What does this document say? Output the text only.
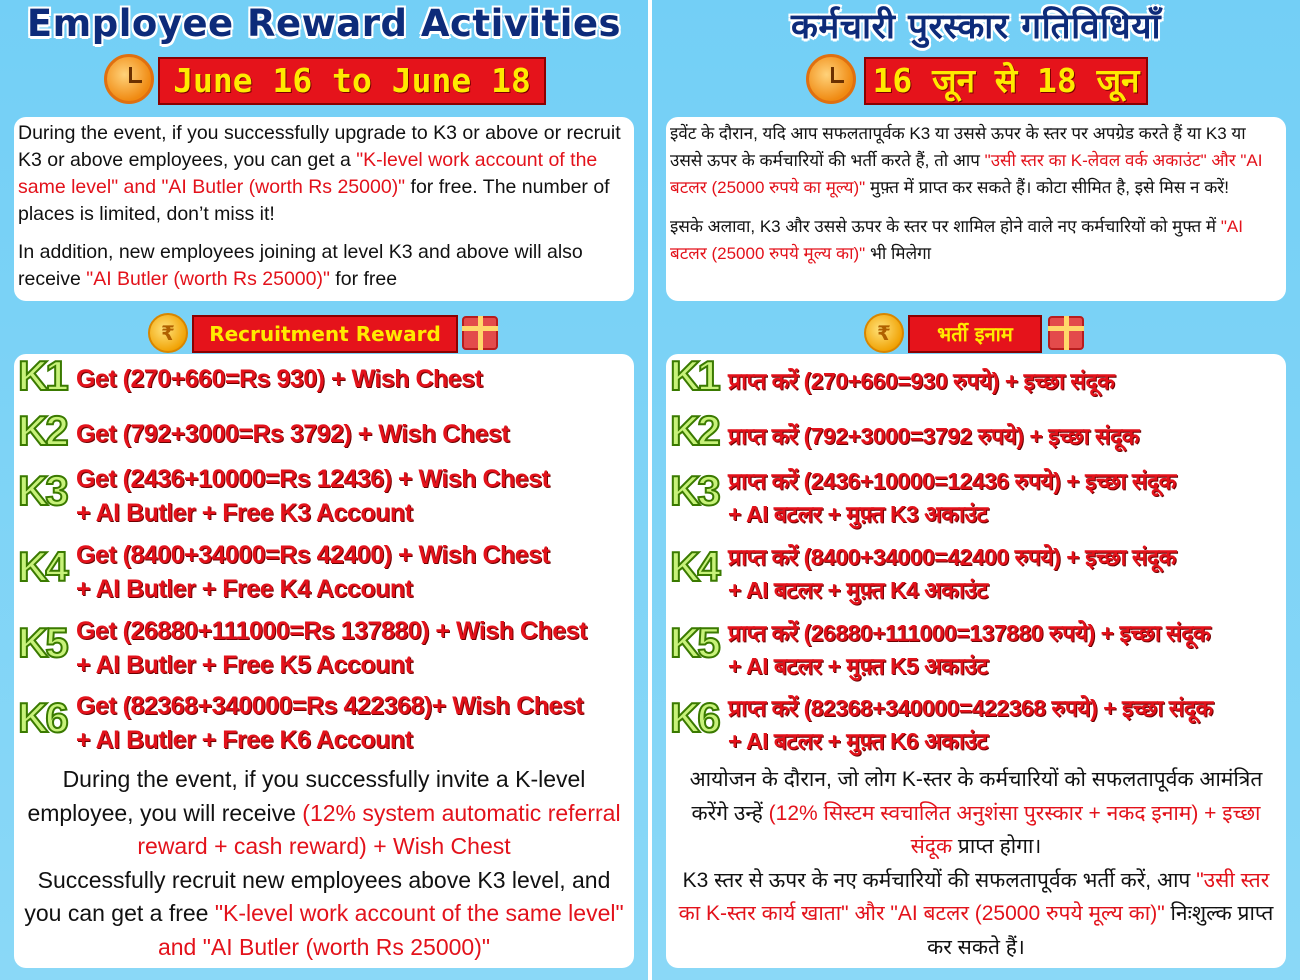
Employee Reward Activities
June 16 to June 18

During the event, if you successfully upgrade to K3 or above or recruit K3 or above employees, you can get a "K-level work account of the same level" and "AI Butler (worth Rs 25000)" for free. The number of places is limited, don’t miss it!

In addition, new employees joining at level K3 and above will also receive "AI Butler (worth Rs 25000)" for free

₹	Recruitment Reward
K1 Get (270+660=Rs 930) + Wish Chest
K2 Get (792+3000=Rs 3792) + Wish Chest
K3 Get (2436+10000=Rs 12436) + Wish Chest
+ AI Butler + Free K3 Account
K4 Get (8400+34000=Rs 42400) + Wish Chest
+ AI Butler + Free K4 Account
K5 Get (26880+111000=Rs 137880) + Wish Chest
+ AI Butler + Free K5 Account
K6 Get (82368+340000=Rs 422368)+ Wish Chest
+ AI Butler + Free K6 Account

During the event, if you successfully invite a K-level employee, you will receive (12% system automatic referral reward + cash reward) + Wish Chest

Successfully recruit new employees above K3 level, and you can get a free "K-level work account of the same level" and "AI Butler (worth Rs 25000)"

कर्मचारी पुरस्कार गतिविधियाँ
16 जून से 18 जून

इवेंट के दौरान, यदि आप सफलतापूर्वक K3 या उससे ऊपर के स्तर पर अपग्रेड करते हैं या K3 या उससे ऊपर के कर्मचारियों की भर्ती करते हैं, तो आप "उसी स्तर का K-लेवल वर्क अकाउंट" और "AI बटलर (25000 रुपये का मूल्य)" मुफ़्त में प्राप्त कर सकते हैं। कोटा सीमित है, इसे मिस न करें!

इसके अलावा, K3 और उससे ऊपर के स्तर पर शामिल होने वाले नए कर्मचारियों को मुफ्त में "AI बटलर (25000 रुपये मूल्य का)" भी मिलेगा

₹	भर्ती इनाम
K1 प्राप्त करें (270+660=930 रुपये) + इच्छा संदूक
K2 प्राप्त करें (792+3000=3792 रुपये) + इच्छा संदूक
K3 प्राप्त करें (2436+10000=12436 रुपये) + इच्छा संदूक
+ AI बटलर + मुफ़्त K3 अकाउंट
K4 प्राप्त करें (8400+34000=42400 रुपये) + इच्छा संदूक
+ AI बटलर + मुफ़्त K4 अकाउंट
K5 प्राप्त करें (26880+111000=137880 रुपये) + इच्छा संदूक
+ AI बटलर + मुफ़्त K5 अकाउंट
K6 प्राप्त करें (82368+340000=422368 रुपये) + इच्छा संदूक
+ AI बटलर + मुफ़्त K6 अकाउंट

आयोजन के दौरान, जो लोग K-स्तर के कर्मचारियों को सफलतापूर्वक आमंत्रित करेंगे उन्हें (12% सिस्टम स्वचालित अनुशंसा पुरस्कार + नकद इनाम) + इच्छा संदूक प्राप्त होगा।

K3 स्तर से ऊपर के नए कर्मचारियों की सफलतापूर्वक भर्ती करें, आप "उसी स्तर का K-स्तर कार्य खाता" और "AI बटलर (25000 रुपये मूल्य का)" निःशुल्क प्राप्त कर सकते हैं।
